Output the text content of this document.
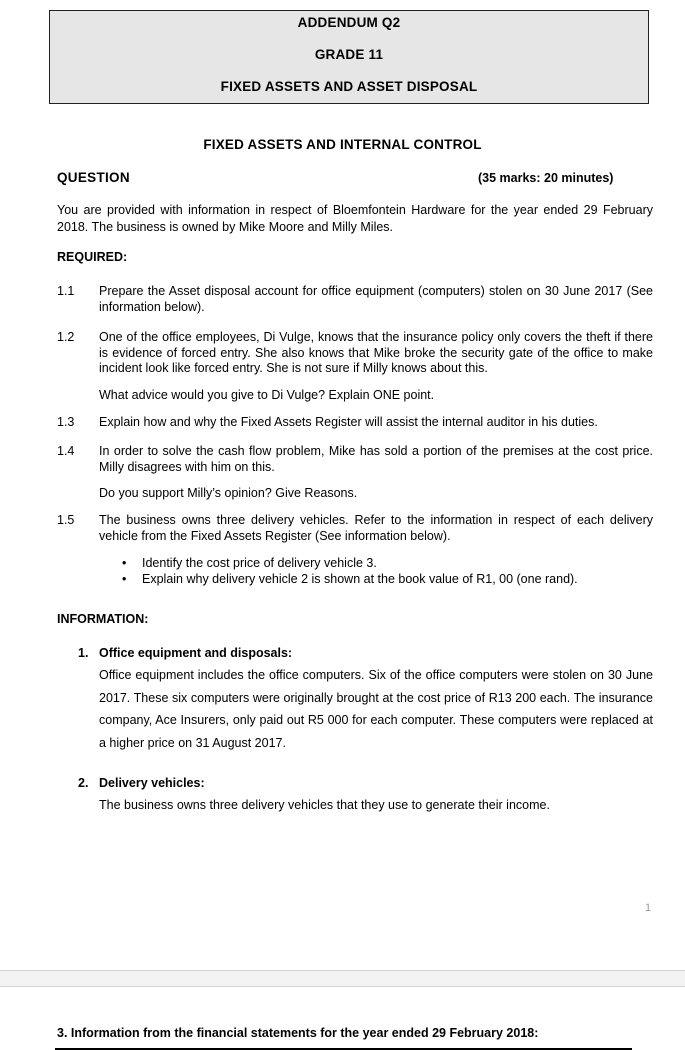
ADDENDUM Q2
GRADE 11
FIXED ASSETS AND ASSET DISPOSAL
FIXED ASSETS AND INTERNAL CONTROL
QUESTION	(35 marks: 20 minutes)
You are provided with information in respect of Bloemfontein Hardware for the year ended 29 February 2018. The business is owned by Mike Moore and Milly Miles.
REQUIRED:
1.1 Prepare the Asset disposal account for office equipment (computers) stolen on 30 June 2017 (See information below).
1.2 One of the office employees, Di Vulge, knows that the insurance policy only covers the theft if there is evidence of forced entry. She also knows that Mike broke the security gate of the office to make incident look like forced entry. She is not sure if Milly knows about this.
What advice would you give to Di Vulge? Explain ONE point.
1.3 Explain how and why the Fixed Assets Register will assist the internal auditor in his duties.
1.4 In order to solve the cash flow problem, Mike has sold a portion of the premises at the cost price. Milly disagrees with him on this.
Do you support Milly’s opinion? Give Reasons.
1.5 The business owns three delivery vehicles. Refer to the information in respect of each delivery vehicle from the Fixed Assets Register (See information below).
• Identify the cost price of delivery vehicle 3.
• Explain why delivery vehicle 2 is shown at the book value of R1, 00 (one rand).
INFORMATION:
1. Office equipment and disposals:
Office equipment includes the office computers. Six of the office computers were stolen on 30 June 2017. These six computers were originally brought at the cost price of R13 200 each. The insurance company, Ace Insurers, only paid out R5 000 for each computer. These computers were replaced at a higher price on 31 August 2017.
2. Delivery vehicles:
The business owns three delivery vehicles that they use to generate their income.
1
3. Information from the financial statements for the year ended 29 February 2018:
